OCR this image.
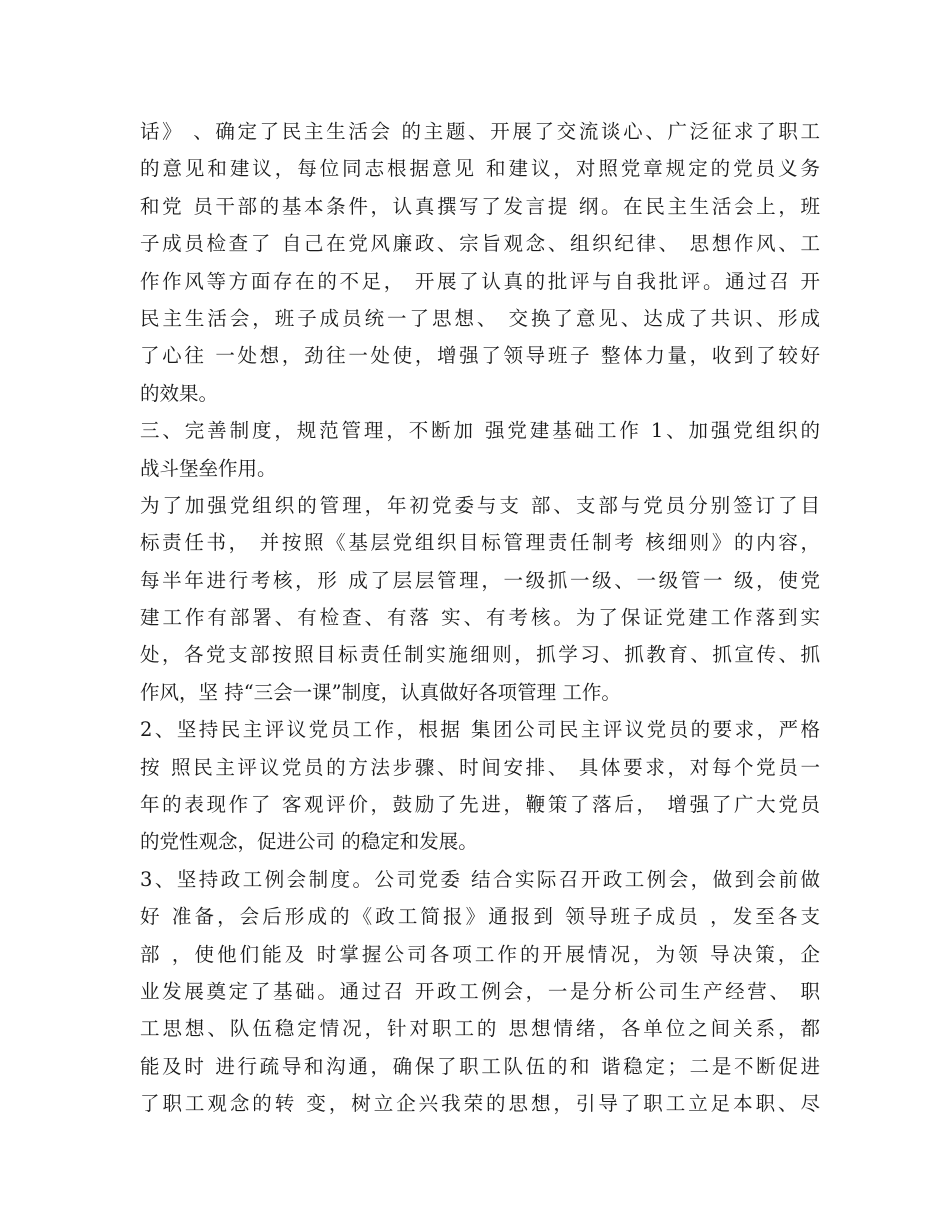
话》 、确定了民主生活会 的主题、开展了交流谈心、广泛征求了职工
的意见和建议，每位同志根据意见 和建议，对照党章规定的党员义务
和党 员干部的基本条件，认真撰写了发言提 纲。在民主生活会上，班
子成员检查了 自己在党风廉政、宗旨观念、组织纪律、 思想作风、工
作作风等方面存在的不足， 开展了认真的批评与自我批评。通过召 开
民主生活会，班子成员统一了思想、 交换了意见、达成了共识、形成
了心往 一处想，劲往一处使，增强了领导班子 整体力量，收到了较好
的效果。
三、完善制度，规范管理，不断加 强党建基础工作 1、加强党组织的
战斗堡垒作用。
为了加强党组织的管理，年初党委与支 部、支部与党员分别签订了目
标责任书， 并按照《基层党组织目标管理责任制考 核细则》的内容，
每半年进行考核，形 成了层层管理，一级抓一级、一级管一 级，使党
建工作有部署、有检查、有落 实、有考核。为了保证党建工作落到实
处，各党支部按照目标责任制实施细则，抓学习、抓教育、抓宣传、抓
作风，坚 持“三会一课”制度，认真做好各项管理 工作。
2、坚持民主评议党员工作，根据 集团公司民主评议党员的要求，严格
按 照民主评议党员的方法步骤、时间安排、 具体要求，对每个党员一
年的表现作了 客观评价，鼓励了先进，鞭策了落后， 增强了广大党员
的党性观念，促进公司 的稳定和发展。
3、坚持政工例会制度。公司党委 结合实际召开政工例会，做到会前做
好 准备，会后形成的《政工简报》通报到 领导班子成员 ，发至各支
部 ，使他们能及 时掌握公司各项工作的开展情况，为领 导决策，企
业发展奠定了基础。通过召 开政工例会，一是分析公司生产经营、 职
工思想、队伍稳定情况，针对职工的 思想情绪，各单位之间关系，都
能及时 进行疏导和沟通，确保了职工队伍的和 谐稳定；二是不断促进
了职工观念的转 变，树立企兴我荣的思想，引导了职工立足本职、尽
